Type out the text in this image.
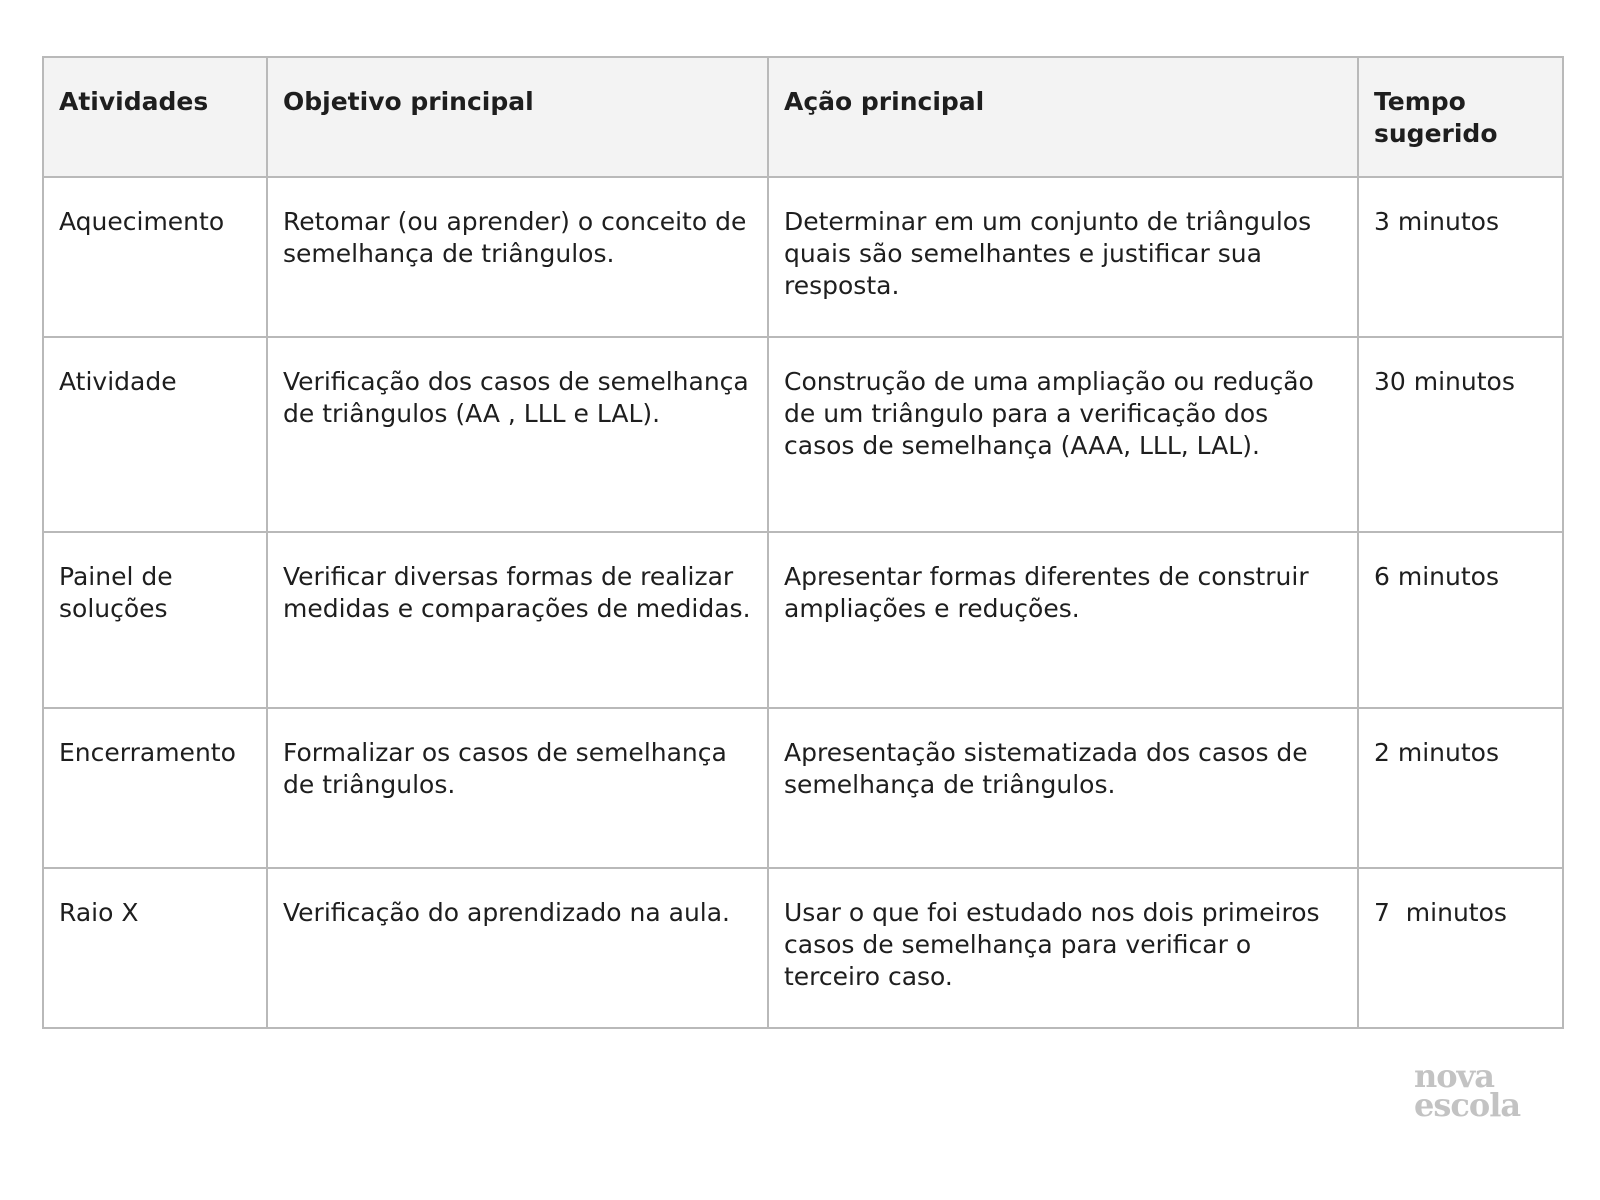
Atividades	Objetivo principal	Ação principal	Tempo
sugerido
Aquecimento	Retomar (ou aprender) o conceito de semelhança de triângulos.	Determinar em um conjunto de triângulos quais são semelhantes e justificar sua resposta.	3 minutos
Atividade	Verificação dos casos de semelhança de triângulos (AA , LLL e LAL).	Construção de uma ampliação ou redução de um triângulo para a verificação dos casos de semelhança (AAA, LLL, LAL).	30 minutos
Painel de soluções	Verificar diversas formas de realizar medidas e comparações de medidas.	Apresentar formas diferentes de construir ampliações e reduções.	6 minutos
Encerramento	Formalizar os casos de semelhança de triângulos.	Apresentação sistematizada dos casos de semelhança de triângulos.	2 minutos
Raio X	Verificação do aprendizado na aula.	Usar o que foi estudado nos dois primeiros casos de semelhança para verificar o terceiro caso.	7  minutos
nova
escola
